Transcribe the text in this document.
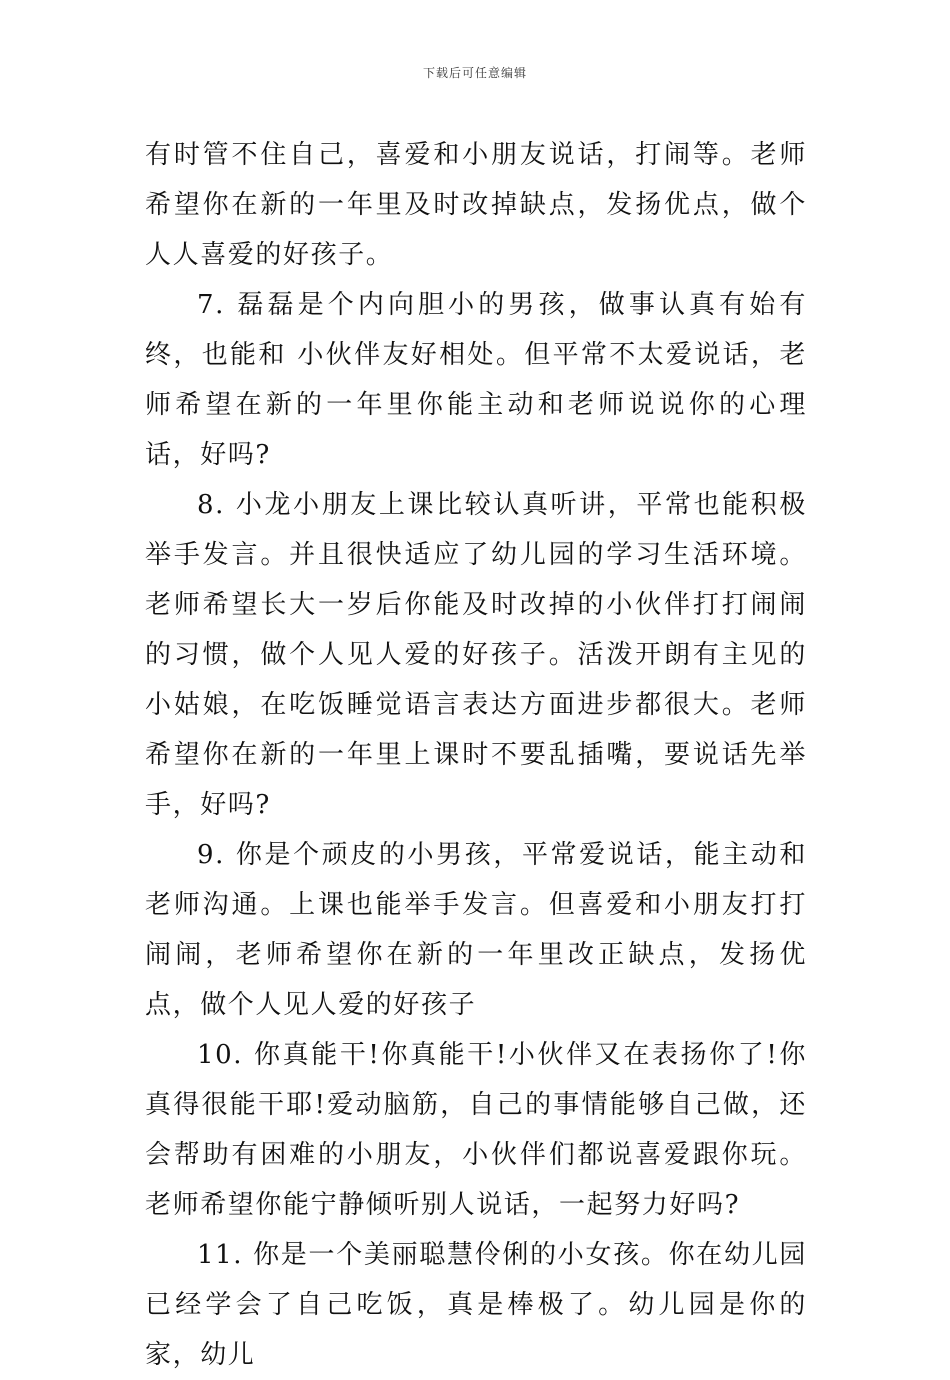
下载后可任意编辑

有时管不住自己，喜爱和小朋友说话，打闹等。老师希望你在新的一年里及时改掉缺点，发扬优点，做个人人喜爱的好孩子。

7. 磊磊是个内向胆小的男孩，做事认真有始有终，也能和 小伙伴友好相处。但平常不太爱说话，老师希望在新的一年里你能主动和老师说说你的心理话，好吗?

8. 小龙小朋友上课比较认真听讲，平常也能积极举手发言。并且很快适应了幼儿园的学习生活环境。老师希望长大一岁后你能及时改掉的小伙伴打打闹闹的习惯，做个人见人爱的好孩子。活泼开朗有主见的小姑娘，在吃饭睡觉语言表达方面进步都很大。老师希望你在新的一年里上课时不要乱插嘴，要说话先举手，好吗?

9. 你是个顽皮的小男孩，平常爱说话，能主动和老师沟通。上课也能举手发言。但喜爱和小朋友打打闹闹，老师希望你在新的一年里改正缺点，发扬优点，做个人见人爱的好孩子

10. 你真能干!你真能干!小伙伴又在表扬你了!你真得很能干耶!爱动脑筋，自己的事情能够自己做，还会帮助有困难的小朋友，小伙伴们都说喜爱跟你玩。老师希望你能宁静倾听别人说话，一起努力好吗?

11. 你是一个美丽聪慧伶俐的小女孩。你在幼儿园已经学会了自己吃饭，真是棒极了。幼儿园是你的家，幼儿
